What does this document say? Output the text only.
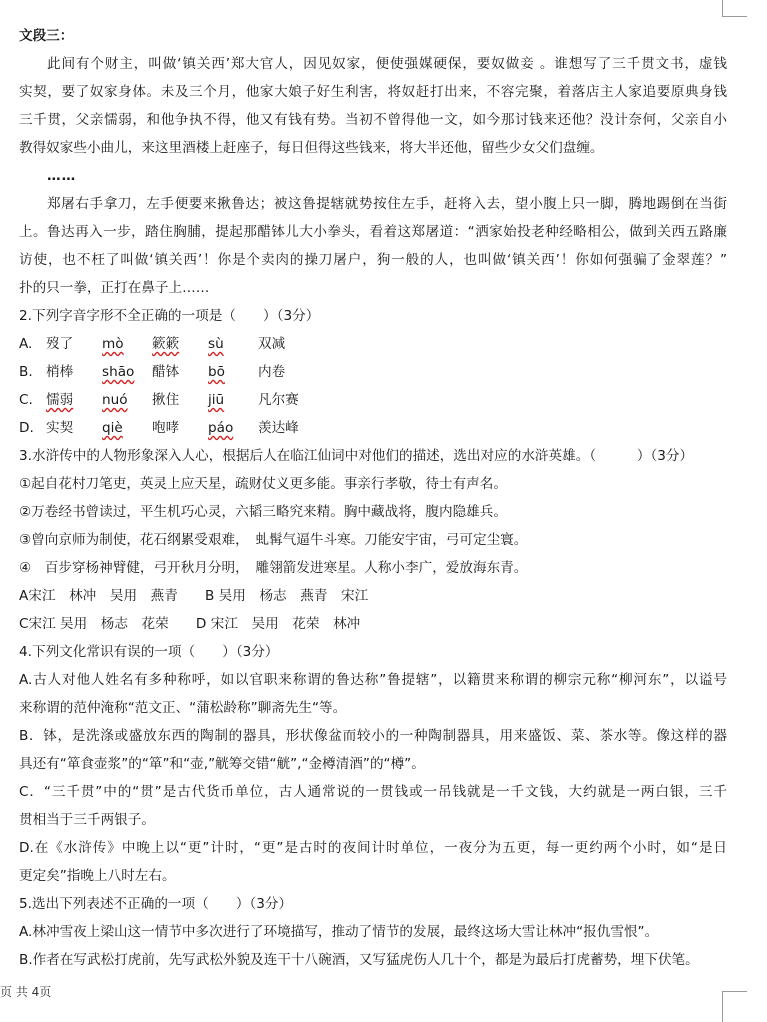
文段三：
此间有个财主，叫做‘镇关西’郑大官人，因见奴家，便使强媒硬保，要奴做妾 。谁想写了三千贯文书，虚钱
实契，要了奴家身体。未及三个月，他家大娘子好生利害，将奴赶打出来，不容完聚，着落店主人家追要原典身钱
三千贯，父亲懦弱，和他争执不得，他又有钱有势。当初不曾得他一文，如今那讨钱来还他？没计奈何，父亲自小
教得奴家些小曲儿，来这里酒楼上赶座子，每日但得这些钱来，将大半还他，留些少女父们盘缠。
……
郑屠右手拿刀，左手便要来揪鲁达；被这鲁提辖就势按住左手，赶将入去，望小腹上只一脚，腾地踢倒在当街
上。鲁达再入一步，踏住胸脯，提起那醋钵儿大小拳头，看着这郑屠道：“洒家始投老种经略相公，做到关西五路廉
访使，也不枉了叫做‘镇关西’！你是个卖肉的操刀屠户，狗一般的人，也叫做‘镇关西’！你如何强骗了金翠莲？”
扑的只一拳，正打在鼻子上……
2.下列字音字形不全正确的一项是（　　）（3分）
A.	歿了	mò	簌簌	sù	双减
B. 梢棒	shāo	醋钵	bō	内卷
C. 懦弱	nuó	揪住	jiū	凡尔赛
D. 实契	qiè	咆哮	páo	羡达峰
3.水浒传中的人物形象深入人心，根据后人在临江仙词中对他们的描述，选出对应的水浒英雄。（　　　）（3分）
①起自花村刀笔吏，英灵上应天星，疏财仗义更多能。事亲行孝敬，待士有声名。
②万卷经书曾读过，平生机巧心灵，六韬三略究来精。胸中藏战将，腹内隐雄兵。
③曾向京师为制使，花石纲累受艰难，　虬髯气逼牛斗寒。刀能安宇宙，弓可定尘寰。
④　百步穿杨神臂健，弓开秋月分明，　雕翎箭发进寒星。人称小李广，爱放海东青。
A宋江　林冲　吴用　燕青　　B 吴用　杨志　燕青　宋江
C宋江 吴用　杨志　花荣　　D 宋江　吴用　花荣　林冲
4.下列文化常识有误的一项（　　）（3分）
A.古人对他人姓名有多种称呼，如以官职来称谓的鲁达称”鲁提辖”，以籍贯来称谓的柳宗元称“柳河东”，以谥号
来称谓的范仲淹称“范文正、“蒲松龄称”聊斋先生“等。
B．钵，是洗涤或盛放东西的陶制的器具，形状像盆而较小的一种陶制器具，用来盛饭、菜、茶水等。像这样的器
具还有“箪食壶浆”的“箪”和“壶,”觥筹交错“觥”,“金樽清酒”的“樽”。
C．“三千贯”中的“贯”是古代货币单位，古人通常说的一贯钱或一吊钱就是一千文钱，大约就是一两白银，三千
贯相当于三千两银子。
D.在《水浒传》中晚上以“更”计时，“更”是古时的夜间计时单位，一夜分为五更，每一更约两个小时，如“是日
更定矣”指晚上八时左右。
5.选出下列表述不正确的一项（　　）（3分）
A.林冲雪夜上梁山这一情节中多次进行了环境描写，推动了情节的发展，最终这场大雪让林冲“报仇雪恨”。
B.作者在写武松打虎前，先写武松外貌及连干十八碗酒，又写猛虎伤人几十个，都是为最后打虎蓄势，埋下伏笔。
页 共 4页
